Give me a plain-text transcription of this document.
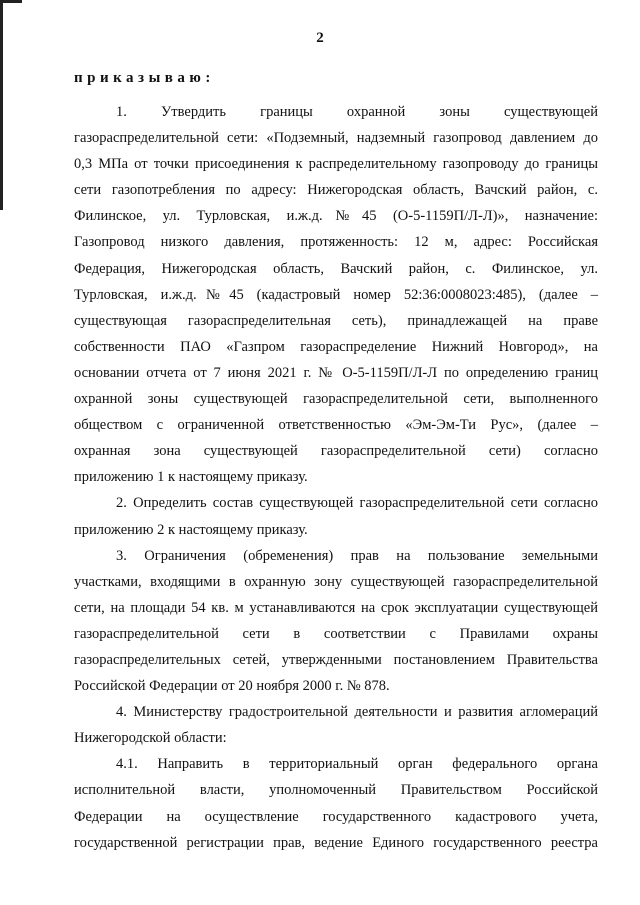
2
приказываю:

1. Утвердить границы охранной зоны существующей
газораспределительной сети: «Подземный, надземный газопровод давлением до
0,3 МПа от точки присоединения к распределительному газопроводу до границы
сети газопотребления по адресу: Нижегородская область, Вачский район, с.
Филинское, ул. Турловская, и.ж.д.№45 (О-5-1159П/Л-Л)», назначение:
Газопровод низкого давления, протяженность: 12 м, адрес: Российская
Федерация, Нижегородская область, Вачский район, с. Филинское, ул.
Турловская, и.ж.д.№45 (кадастровый номер 52:36:0008023:485), (далее –
существующая газораспределительная сеть), принадлежащей на праве
собственности ПАО «Газпром газораспределение Нижний Новгород», на
основании отчета от 7 июня 2021 г. № О-5-1159П/Л-Л по определению границ
охранной зоны существующей газораспределительной сети, выполненного
обществом с ограниченной ответственностью «Эм-Эм-Ти Рус», (далее –
охранная зона существующей газораспределительной сети) согласно
приложению 1 к настоящему приказу.

2. Определить состав существующей газораспределительной сети согласно
приложению 2 к настоящему приказу.

3. Ограничения (обременения) прав на пользование земельными
участками, входящими в охранную зону существующей газораспределительной
сети, на площади 54 кв. м устанавливаются на срок эксплуатации существующей
газораспределительной сети в соответствии с Правилами охраны
газораспределительных сетей, утвержденными постановлением Правительства
Российской Федерации от 20 ноября 2000 г. № 878.

4. Министерству градостроительной деятельности и развития агломераций
Нижегородской области:

4.1. Направить в территориальный орган федерального органа
исполнительной власти, уполномоченный Правительством Российской
Федерации на осуществление государственного кадастрового учета,
государственной регистрации прав, ведение Единого государственного реестра
